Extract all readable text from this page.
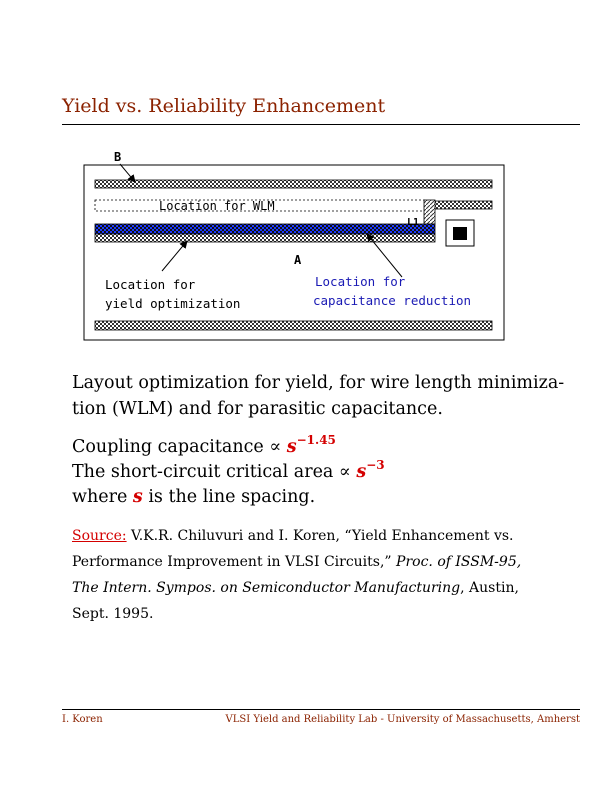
Yield vs. Reliability Enhancement
B
Location for WLM
L1
A
Location for
yield optimization
Location for
capacitance reduction
Layout optimization for yield, for wire length minimiza-
tion (WLM) and for parasitic capacitance.
Coupling capacitance ∝ $s^{-1.45}$
The short-circuit critical area ∝ $s^{-3}$
where s is the line spacing.
Source: V.K.R. Chiluvuri and I. Koren, “Yield Enhancement vs. Performance Improvement in VLSI Circuits,” Proc. of ISSM-95, The Intern. Sympos. on Semiconductor Manufacturing, Austin, Sept. 1995.
I. Koren	VLSI Yield and Reliability Lab - University of Massachusetts, Amherst
